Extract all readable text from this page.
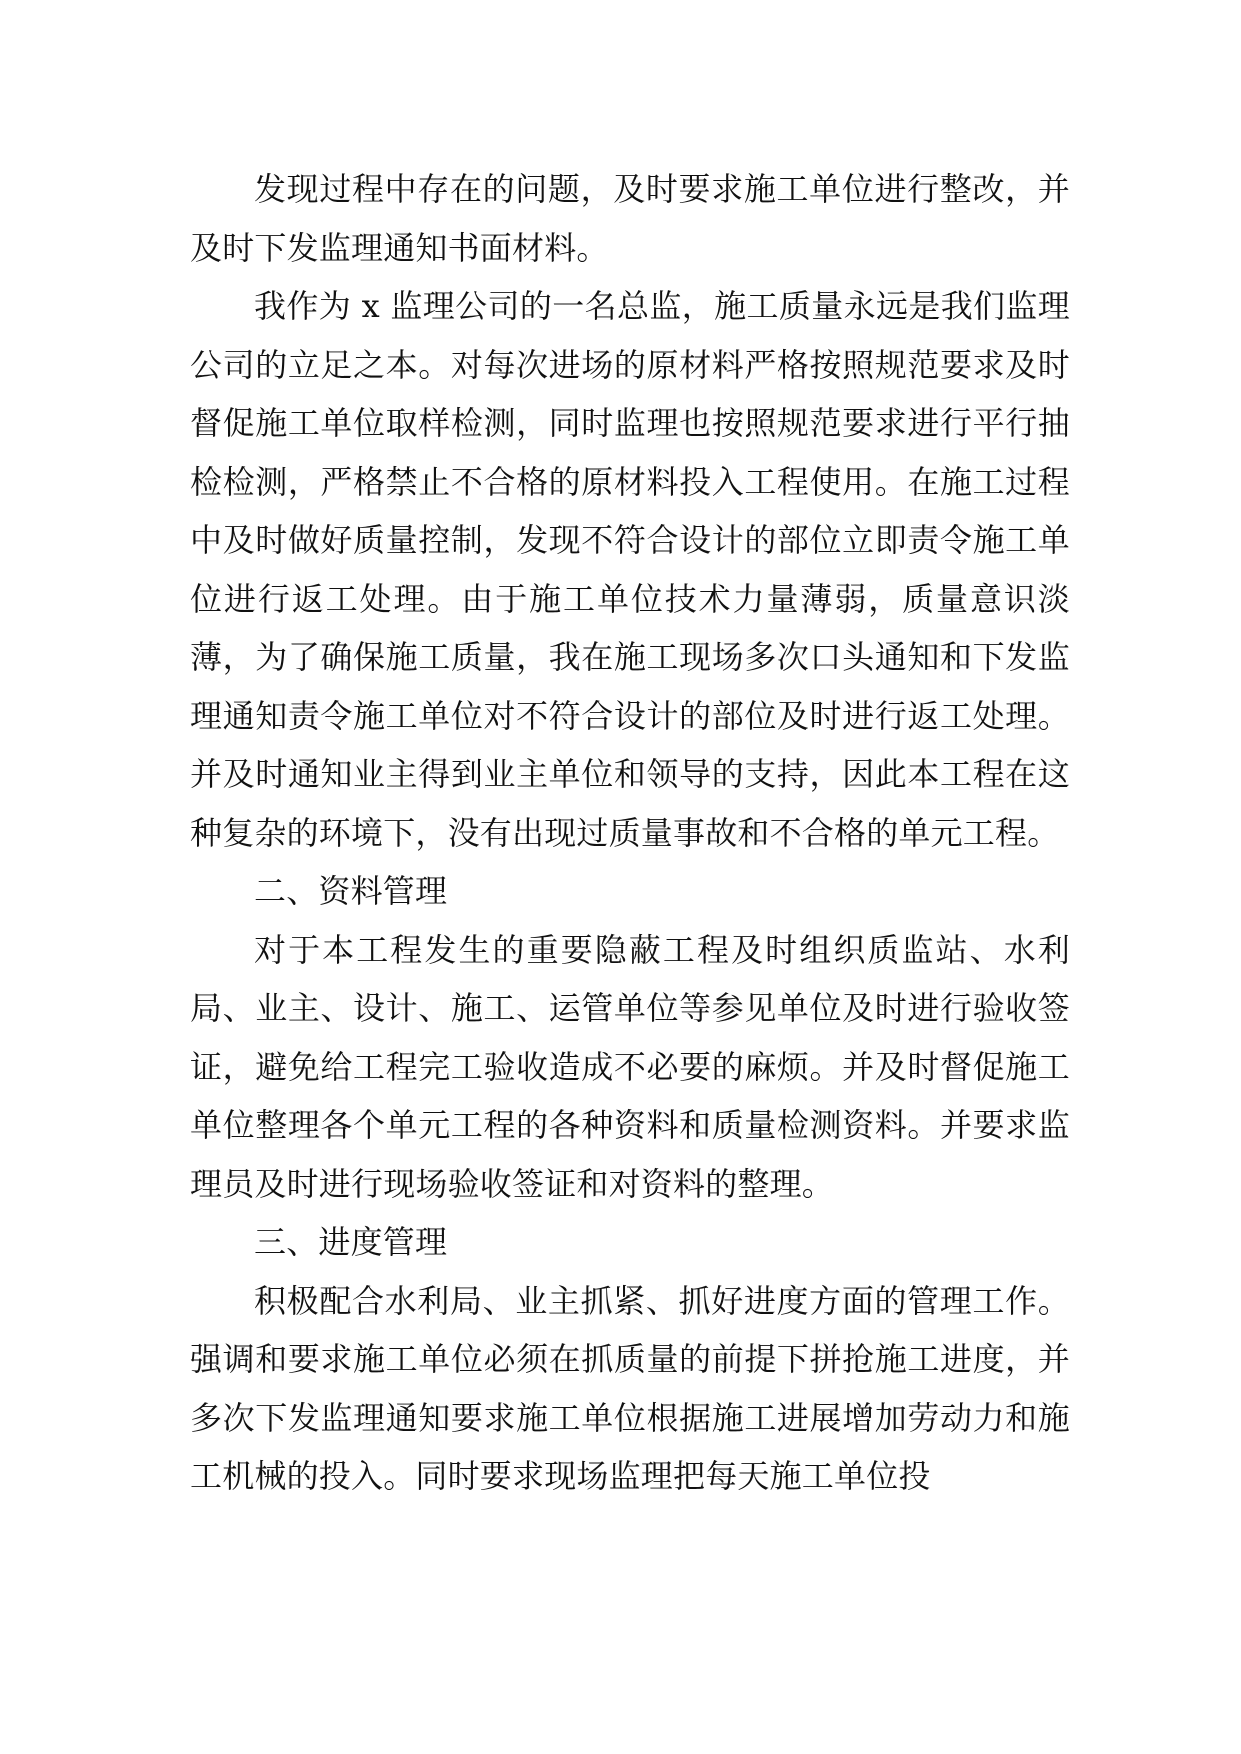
发现过程中存在的问题，及时要求施工单位进行整改，并及时下发监理通知书面材料。

我作为 x 监理公司的一名总监，施工质量永远是我们监理公司的立足之本。对每次进场的原材料严格按照规范要求及时督促施工单位取样检测，同时监理也按照规范要求进行平行抽检检测，严格禁止不合格的原材料投入工程使用。在施工过程中及时做好质量控制，发现不符合设计的部位立即责令施工单位进行返工处理。由于施工单位技术力量薄弱，质量意识淡薄，为了确保施工质量，我在施工现场多次口头通知和下发监理通知责令施工单位对不符合设计的部位及时进行返工处理。并及时通知业主得到业主单位和领导的支持，因此本工程在这种复杂的环境下，没有出现过质量事故和不合格的单元工程。

二、资料管理

对于本工程发生的重要隐蔽工程及时组织质监站、水利局、业主、设计、施工、运管单位等参见单位及时进行验收签证，避免给工程完工验收造成不必要的麻烦。并及时督促施工单位整理各个单元工程的各种资料和质量检测资料。并要求监理员及时进行现场验收签证和对资料的整理。

三、进度管理

积极配合水利局、业主抓紧、抓好进度方面的管理工作。强调和要求施工单位必须在抓质量的前提下拼抢施工进度，并多次下发监理通知要求施工单位根据施工进展增加劳动力和施工机械的投入。同时要求现场监理把每天施工单位投
